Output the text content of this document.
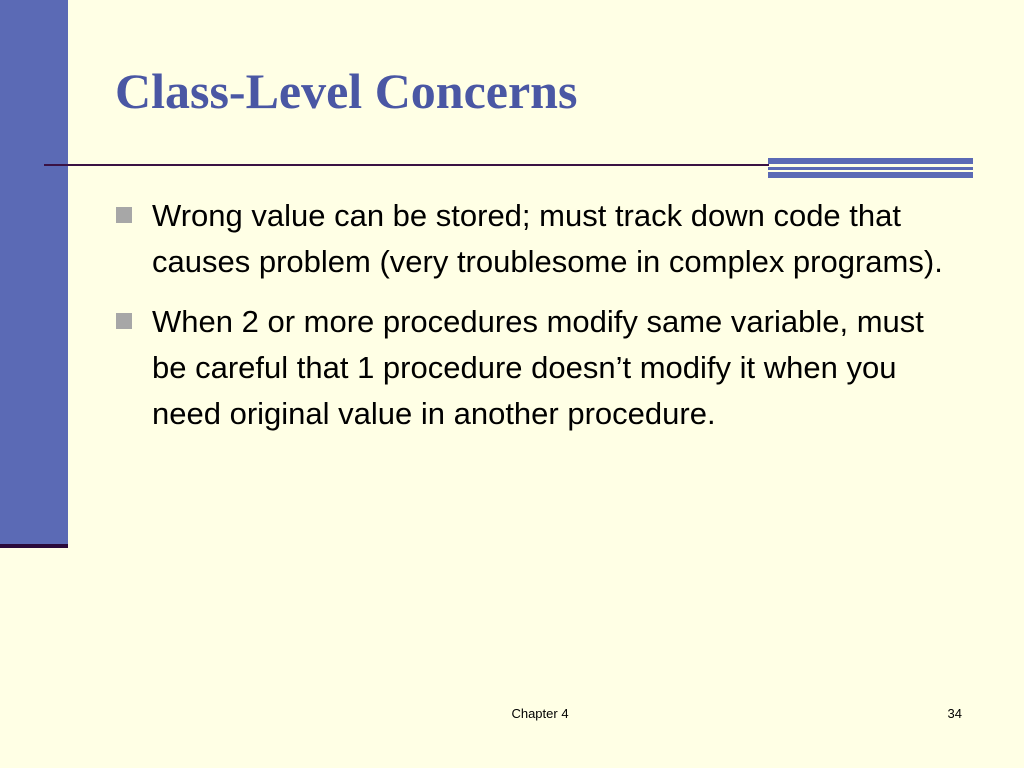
Class-Level Concerns
Wrong value can be stored; must track down code that causes problem (very troublesome in complex programs).
When 2 or more procedures modify same variable, must be careful that 1 procedure doesn’t modify it when you need original value in another procedure.
Chapter 4	34
